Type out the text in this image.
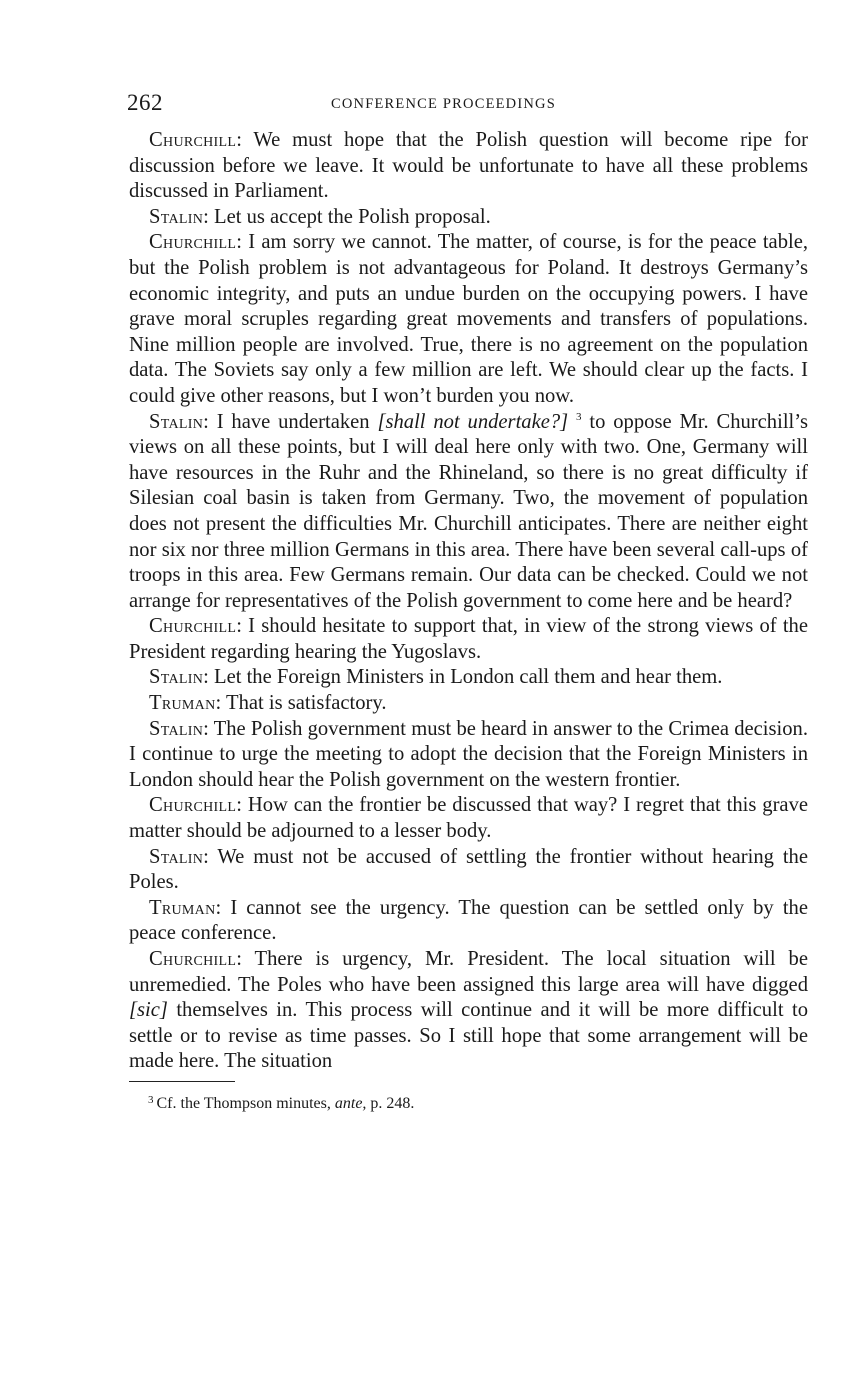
262	CONFERENCE PROCEEDINGS

Churchill: We must hope that the Polish question will become ripe for discussion before we leave. It would be unfortunate to have all these problems discussed in Parliament.

Stalin: Let us accept the Polish proposal.

Churchill: I am sorry we cannot. The matter, of course, is for the peace table, but the Polish problem is not advantageous for Poland. It destroys Germany’s economic integrity, and puts an undue burden on the occupying powers. I have grave moral scruples regarding great movements and transfers of populations. Nine million people are involved. True, there is no agreement on the population data. The Soviets say only a few million are left. We should clear up the facts. I could give other reasons, but I won’t burden you now.

Stalin: I have undertaken [shall not undertake?] $^3$ to oppose Mr. Churchill’s views on all these points, but I will deal here only with two. One, Germany will have resources in the Ruhr and the Rhineland, so there is no great difficulty if Silesian coal basin is taken from Germany. Two, the movement of population does not present the difficulties Mr. Churchill anticipates. There are neither eight nor six nor three million Germans in this area. There have been several call-ups of troops in this area. Few Germans remain. Our data can be checked. Could we not arrange for representatives of the Polish government to come here and be heard?

Churchill: I should hesitate to support that, in view of the strong views of the President regarding hearing the Yugoslavs.

Stalin: Let the Foreign Ministers in London call them and hear them.

Truman: That is satisfactory.

Stalin: The Polish government must be heard in answer to the Crimea decision. I continue to urge the meeting to adopt the decision that the Foreign Ministers in London should hear the Polish government on the western frontier.

Churchill: How can the frontier be discussed that way? I regret that this grave matter should be adjourned to a lesser body.

Stalin: We must not be accused of settling the frontier without hearing the Poles.

Truman: I cannot see the urgency. The question can be settled only by the peace conference.

Churchill: There is urgency, Mr. President. The local situation will be unremedied. The Poles who have been assigned this large area will have digged [sic] themselves in. This process will continue and it will be more difficult to settle or to revise as time passes. So I still hope that some arrangement will be made here. The situation

$^3$ Cf. the Thompson minutes, ante, p. 248.
